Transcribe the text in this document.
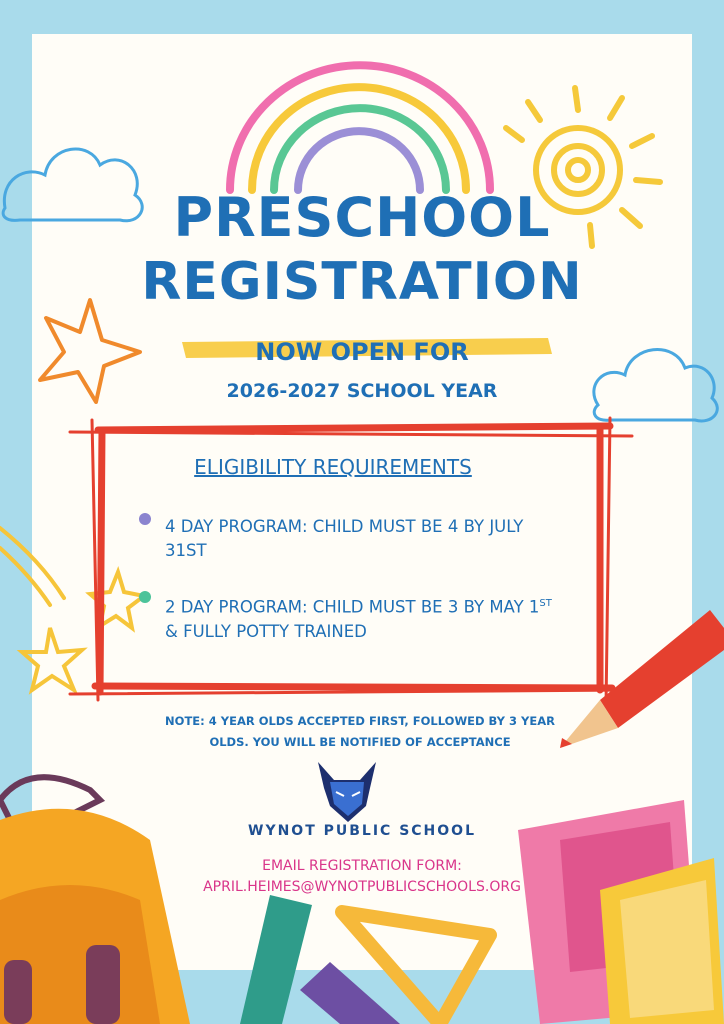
PRESCHOOL
REGISTRATION
NOW OPEN FOR
2026-2027 SCHOOL YEAR
ELIGIBILITY REQUIREMENTS
4 DAY PROGRAM: CHILD MUST BE 4 BY JULY 31ST
2 DAY PROGRAM: CHILD MUST BE 3 BY MAY 1ST & FULLY POTTY TRAINED
NOTE: 4 YEAR OLDS ACCEPTED FIRST, FOLLOWED BY 3 YEAR OLDS. YOU WILL BE NOTIFIED OF ACCEPTANCE
WYNOT PUBLIC SCHOOL
EMAIL REGISTRATION FORM:
APRIL.HEIMES@WYNOTPUBLICSCHOOLS.ORG
